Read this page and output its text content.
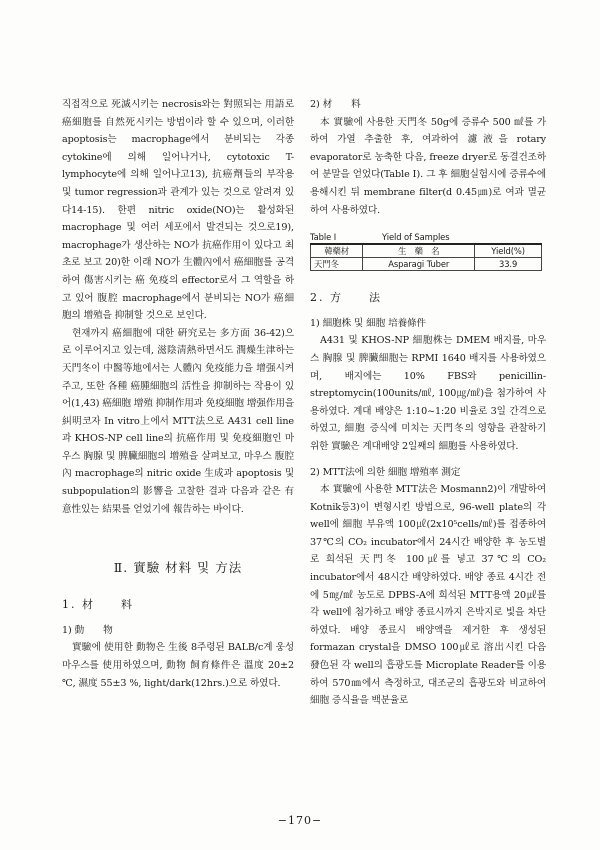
직접적으로 死滅시키는 necrosis와는 對照되는 用語로 癌細胞를 自然死시키는 방법이라 할 수 있으며, 이러한 apoptosis는 macrophage에서 분비되는 각종 cytokine에 의해 일어나거나, cytotoxic T-lymphocyte에 의해 일어나고13), 抗癌劑들의 부작용 및 tumor regression과 관계가 있는 것으로 알려져 있다14-15). 한편 nitric oxide(NO)는 활성화된 macrophage 및 여러 세포에서 발견되는 것으로19), macrophage가 생산하는 NO가 抗癌作用이 있다고 최초로 보고 20)한 이래 NO가 生體內에서 癌細胞를 공격하여 傷害시키는 癌 免疫의 effector로서 그 역할을 하고 있어 腹腔 macrophage에서 분비되는 NO가 癌細胞의 增殖을 抑制할 것으로 보인다.

현재까지 癌細胞에 대한 硏究로는 多方面 36-42)으로 이루어지고 있는데, 滋陰淸熱하면서도 潤燥生津하는 天門冬이 中醫等地에서는 人體內 免疫能力을 增强시켜주고, 또한 各種 癌腫細胞의 活性을 抑制하는 작용이 있어(1,43) 癌細胞 增殖 抑制作用과 免疫細胞 增强作用을 糾明코자 In vitro上에서 MTT法으로 A431 cell line과 KHOS-NP cell line의 抗癌作用 및 免疫細胞인 마우스 胸腺 및 脾臟細胞의 增殖을 살펴보고, 마우스 腹腔內 macrophage의 nitric oxide 生成과 apoptosis 및 subpopulation의 影響을 고찰한 결과 다음과 같은 有意性있는 結果를 얻었기에 報告하는 바이다.

Ⅱ. 實驗 材料 및 方法
1. 材　　料
1) 動　　物

實驗에 使用한 動物은 生後 8주령된 BALB/c계 웅성 마우스를 使用하였으며, 動物 飼育條件은 溫度 20±2 ℃, 濕度 55±3 %, light/dark(12hrs.)으로 하였다.

2) 材　　料

本 實驗에 사용한 天門冬 50g에 증류수 500 ㎖를 가하여 가열 추출한 후, 여과하여 濾液을 rotary evaporator로 농축한 다음, freeze dryer로 동결건조하여 분말을 얻었다(Table Ⅰ). 그 후 細胞실험시에 증류수에 용해시킨 뒤 membrane filter(d 0.45㎛)로 여과 멸균하여 사용하였다.

Table Ⅰ	Yield of Samples
韓藥材	生　藥　名	Yield(%)
天門冬	Asparagi Tuber	33.9
2. 方　　法
1) 細胞株 및 細胞 培養條件

A431 및 KHOS-NP 細胞株는 DMEM 배지를, 마우스 胸腺 및 脾臟細胞는 RPMI 1640 배지를 사용하였으며, 배지에는 10% FBS와 penicillin-streptomycin(100units/㎖, 100㎍/㎖)을 첨가하여 사용하였다. 계대 배양은 1:10~1:20 비율로 3일 간격으로 하였고, 細胞 증식에 미치는 天門冬의 영향을 관찰하기 위한 實驗은 계대배양 2일째의 細胞를 사용하였다.

2) MTT法에 의한 細胞 增殖率 測定

本 實驗에 사용한 MTT法은 Mosmann2)이 개발하여 Kotnik등3)이 변형시킨 방법으로, 96-well plate의 각 well에 細胞 부유액 100㎕(2x10⁵cells/㎖)를 접종하여 37℃의 CO₂ incubator에서 24시간 배양한 후 농도별로 희석된 天門冬 100㎕를 넣고 37℃의 CO₂ incubator에서 48시간 배양하였다. 배양 종료 4시간 전에 5㎎/㎖ 농도로 DPBS-A에 희석된 MTT용액 20㎕를 각 well에 첨가하고 배양 종료시까지 은박지로 빛을 차단하였다. 배양 종료시 배양액을 제거한 후 생성된 formazan crystal을 DMSO 100㎕로 溶出시킨 다음 發色된 각 well의 흡광도를 Microplate Reader를 이용하여 570㎚에서 측정하고, 대조군의 흡광도와 비교하여 細胞 증식율을 백분율로

−170−
